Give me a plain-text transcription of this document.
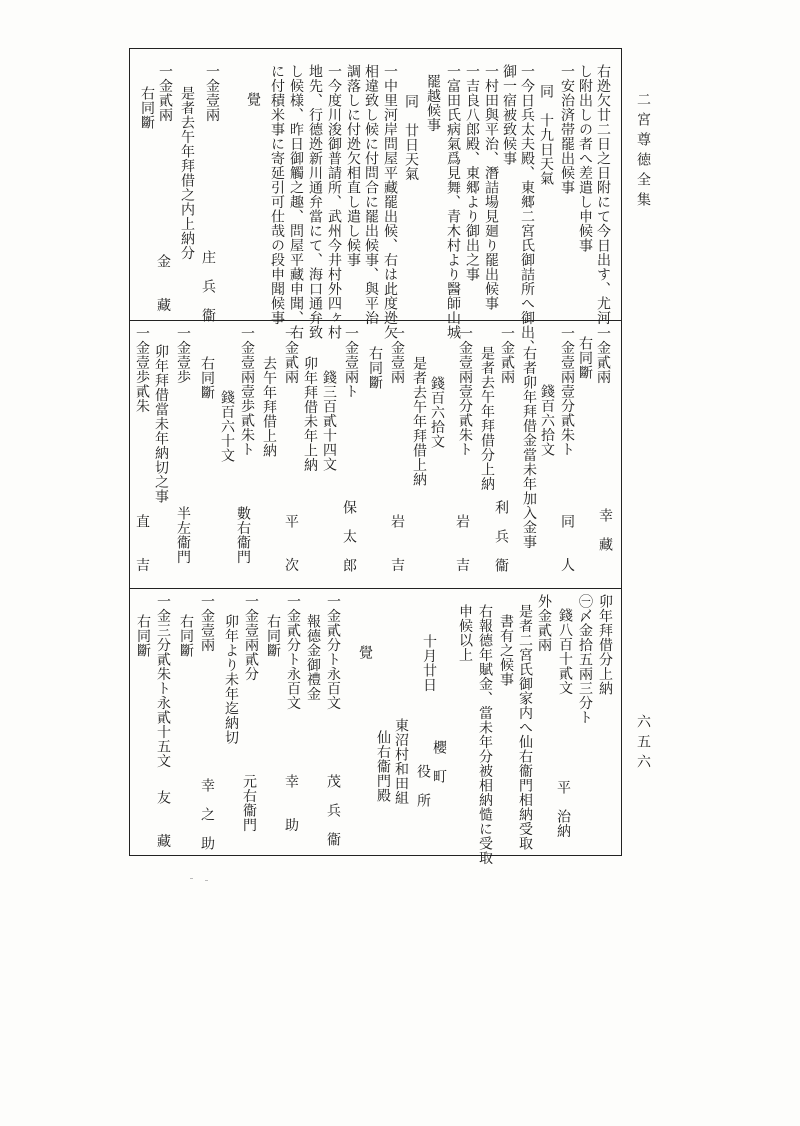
二宮尊徳全集
六五六
右迯欠廿二日之日附にて今日出す、尤河
し附出しの者へ差遣し申候事
一安治済帯罷出候事
同　十九日天氣
一今日兵太夫殿、東郷二宮氏御詰所へ御出、
御一宿被致候事
一村田與平治、潛詰場見廻り罷出候事
一吉良八郎殿、東郷より御出之事
一富田氏病氣爲見舞、青木村より醫師山城
罷越候事
同　廿日天氣
一中里河岸問屋平藏罷出候、右は此度迯欠
相違致し候に付問合に罷出候事、與平治
調落しに付迯欠相直し遣し候事
一今度川浚御普請所、武州今井村外四ヶ村
地先、行德迯新川通弁當にて、海口通弁致
し候様、昨日御觸之趣、問屋平藏申聞、右
に付積米事に寄延引可仕哉の段申聞候事
覺
一金壹兩
一金貳兩 是者去午年拜借之内上納分
右同斷
庄　兵　衞
金　　藏
一金貳兩
右同斷
一金壹兩壹分貳朱ト
錢百六拾文
右者卯年拜借金當未年加入金事
一金貳兩
是者去午年拜借分上納
一金壹兩壹分貳朱ト
錢百六拾文
是者去午年拜借上納
一金壹兩
右同斷
一金壹兩ト
錢三百貳十四文
卯年拜借未年上納
一金貳兩
去午年拜借上納
一金壹兩壹歩貳朱ト
錢百六十文
右同斷
一金壹歩
卯年拜借當未年納切之事
一金壹歩貳朱
幸　藏
同　　人
利　兵　衞
岩　　吉
岩　　吉
保　太　郎
平　　次
數右衞門
半左衞門
直　　吉
卯年拜借分上納
㊀〆金拾五兩三分ト
錢八百十貳文
外金貳兩
是者二宮氏御家内へ仙右衞門相納受取
書有之候事
右報德年賦金、當未年分被相納慥に受取
申候以上
十月廿日
覺
一金貳分ト永百文
報德金御禮金
一金貳分ト永百文
右同斷
一金壹兩貳分
卯年より未年迄納切
一金壹兩
右同斷
一金三分貳朱ト永貳十五文
右同斷
平　治納
櫻　町
役　所
東沼村和田組
仙右衞門殿
茂　兵　衞
幸　　助
元右衞門
幸　之　助
友　　藏
